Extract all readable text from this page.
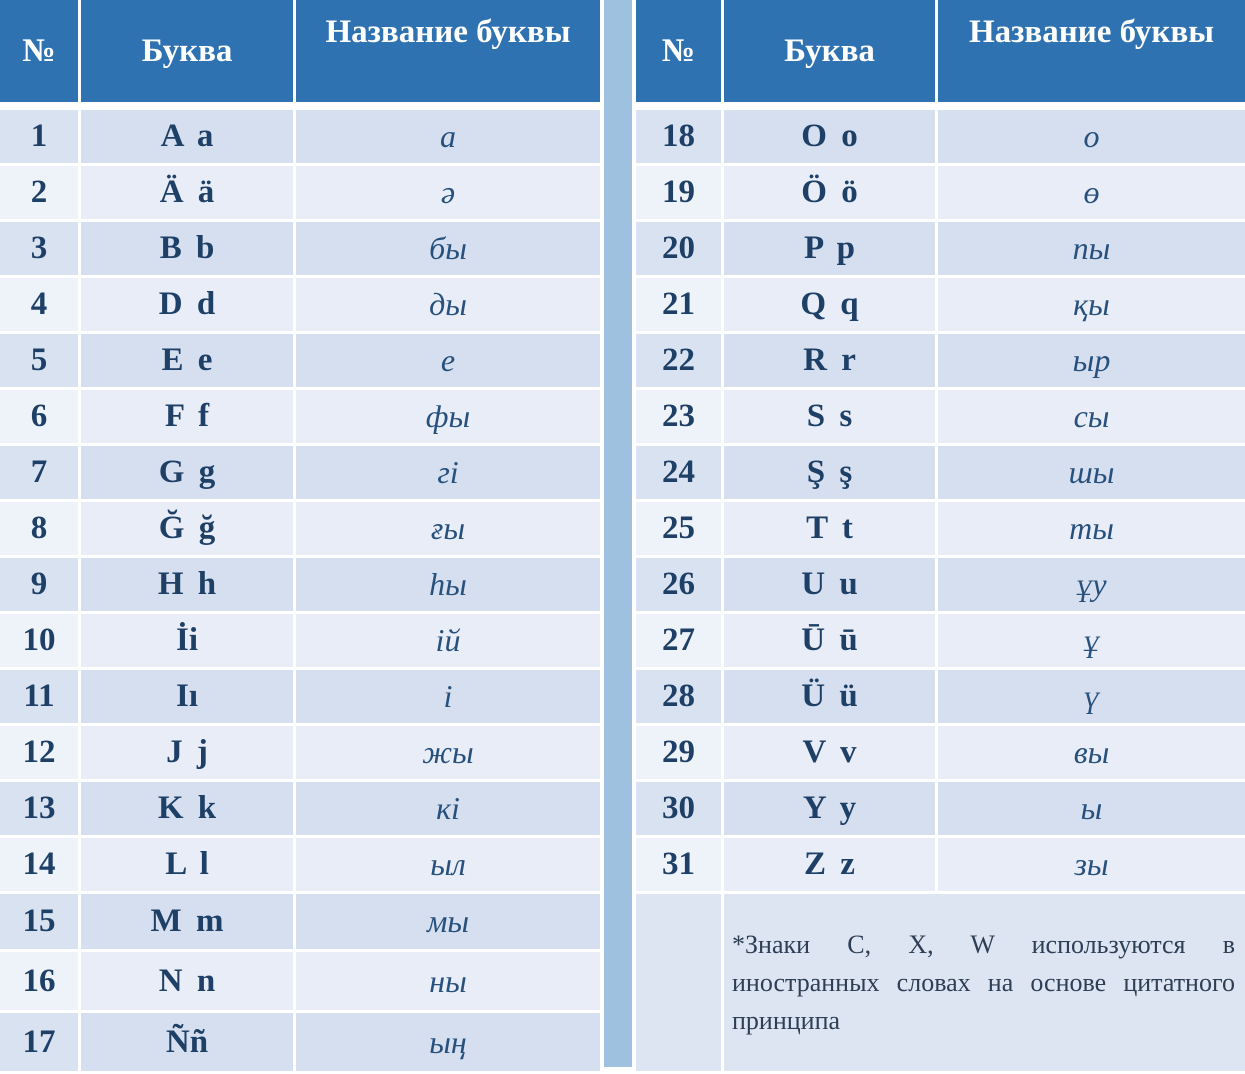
№	Буква	Название буквы
1	A a	а
2	Ä ä	ә
3	B b	бы
4	D d	ды
5	E e	е
6	F f	фы
7	G g	гі
8	Ğ ğ	ғы
9	H h	һы
10	İi	ій
11	Iı	і
12	J j	жы
13	K k	кі
14	L l	ыл
15	M m	мы
16	N n	ны
17	Ññ	ың
№	Буква	Название буквы
18	O o	о
19	Ö ö	ө
20	P p	пы
21	Q q	қы
22	R r	ыр
23	S s	сы
24	Ş ş	шы
25	T t	ты
26	U u	ұу
27	Ū ū	ұ
28	Ü ü	ү
29	V v	вы
30	Y y	ы
31	Z z	зы
	*Знаки C, X, W используются в иностранных словах на основе цитатного принципа	
